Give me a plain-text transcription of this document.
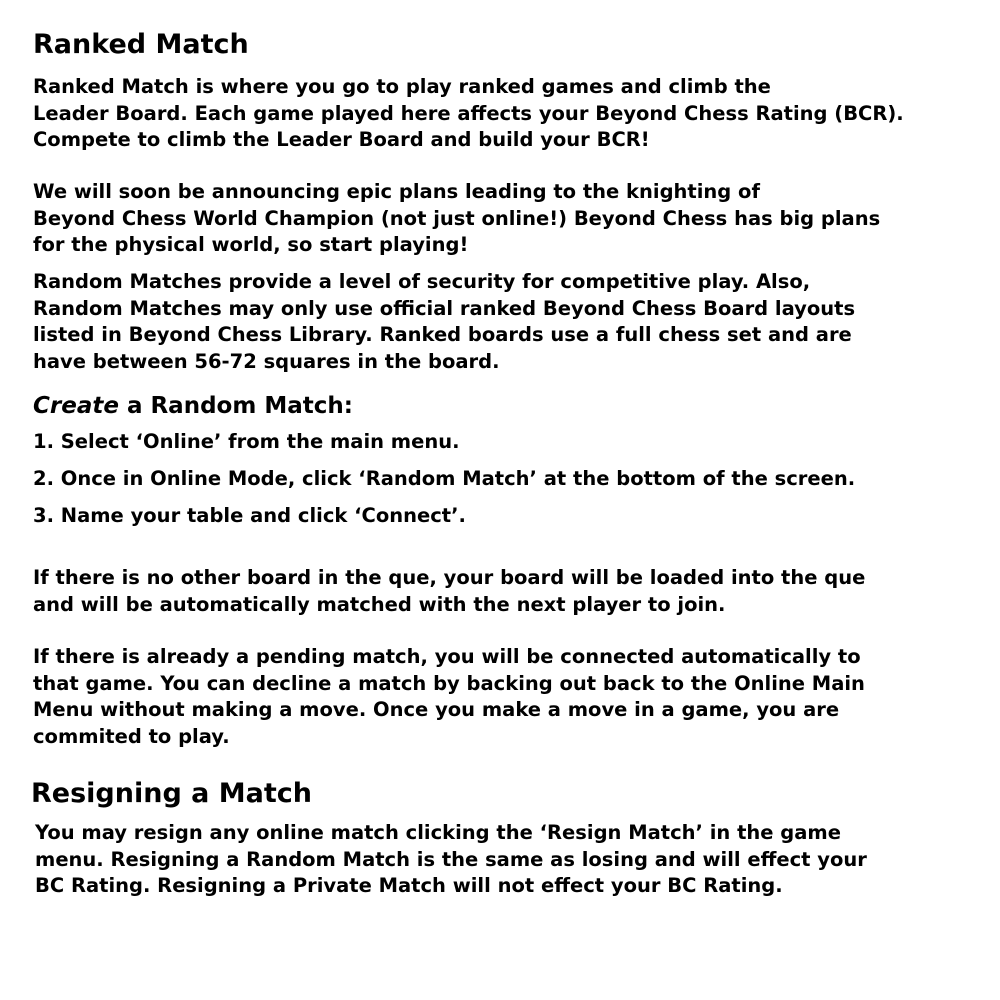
Ranked Match
Ranked Match is where you go to play ranked games and climb the
Leader Board. Each game played here affects your Beyond Chess Rating (BCR).
Compete to climb the Leader Board and build your BCR!
We will soon be announcing epic plans leading to the knighting of
Beyond Chess World Champion (not just online!) Beyond Chess has big plans
for the physical world, so start playing!
Random Matches provide a level of security for competitive play. Also,
Random Matches may only use official ranked Beyond Chess Board layouts
listed in Beyond Chess Library. Ranked boards use a full chess set and are
have between 56-72 squares in the board.
Create a Random Match:

1. Select ‘Online’ from the main menu.

2. Once in Online Mode, click ‘Random Match’ at the bottom of the screen.

3. Name your table and click ‘Connect’.

If there is no other board in the que, your board will be loaded into the que
and will be automatically matched with the next player to join.
If there is already a pending match, you will be connected automatically to
that game. You can decline a match by backing out back to the Online Main
Menu without making a move. Once you make a move in a game, you are
commited to play.
Resigning a Match
You may resign any online match clicking the ‘Resign Match’ in the game
menu. Resigning a Random Match is the same as losing and will effect your
BC Rating. Resigning a Private Match will not effect your BC Rating.
